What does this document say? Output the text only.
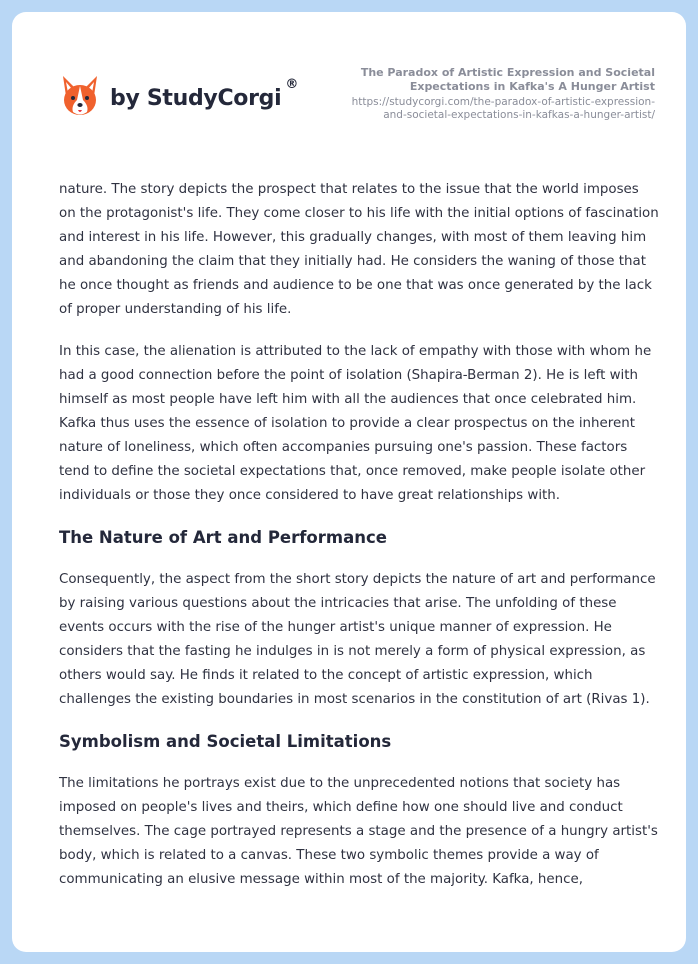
by StudyCorgi
®
The Paradox of Artistic Expression and Societal Expectations in Kafka's A Hunger Artist
https://studycorgi.com/the-paradox-of-artistic-expression-
and-societal-expectations-in-kafkas-a-hunger-artist/

nature. The story depicts the prospect that relates to the issue that the world imposes on the protagonist's life. They come closer to his life with the initial options of fascination and interest in his life. However, this gradually changes, with most of them leaving him and abandoning the claim that they initially had. He considers the waning of those that he once thought as friends and audience to be one that was once generated by the lack of proper understanding of his life.

In this case, the alienation is attributed to the lack of empathy with those with whom he had a good connection before the point of isolation (Shapira-Berman 2). He is left with himself as most people have left him with all the audiences that once celebrated him. Kafka thus uses the essence of isolation to provide a clear prospectus on the inherent nature of loneliness, which often accompanies pursuing one's passion. These factors tend to define the societal expectations that, once removed, make people isolate other individuals or those they once considered to have great relationships with.

The Nature of Art and Performance

Consequently, the aspect from the short story depicts the nature of art and performance by raising various questions about the intricacies that arise. The unfolding of these events occurs with the rise of the hunger artist's unique manner of expression. He considers that the fasting he indulges in is not merely a form of physical expression, as others would say. He finds it related to the concept of artistic expression, which challenges the existing boundaries in most scenarios in the constitution of art (Rivas 1).

Symbolism and Societal Limitations

The limitations he portrays exist due to the unprecedented notions that society has imposed on people's lives and theirs, which define how one should live and conduct themselves. The cage portrayed represents a stage and the presence of a hungry artist's body, which is related to a canvas. These two symbolic themes provide a way of communicating an elusive message within most of the majority. Kafka, hence,
